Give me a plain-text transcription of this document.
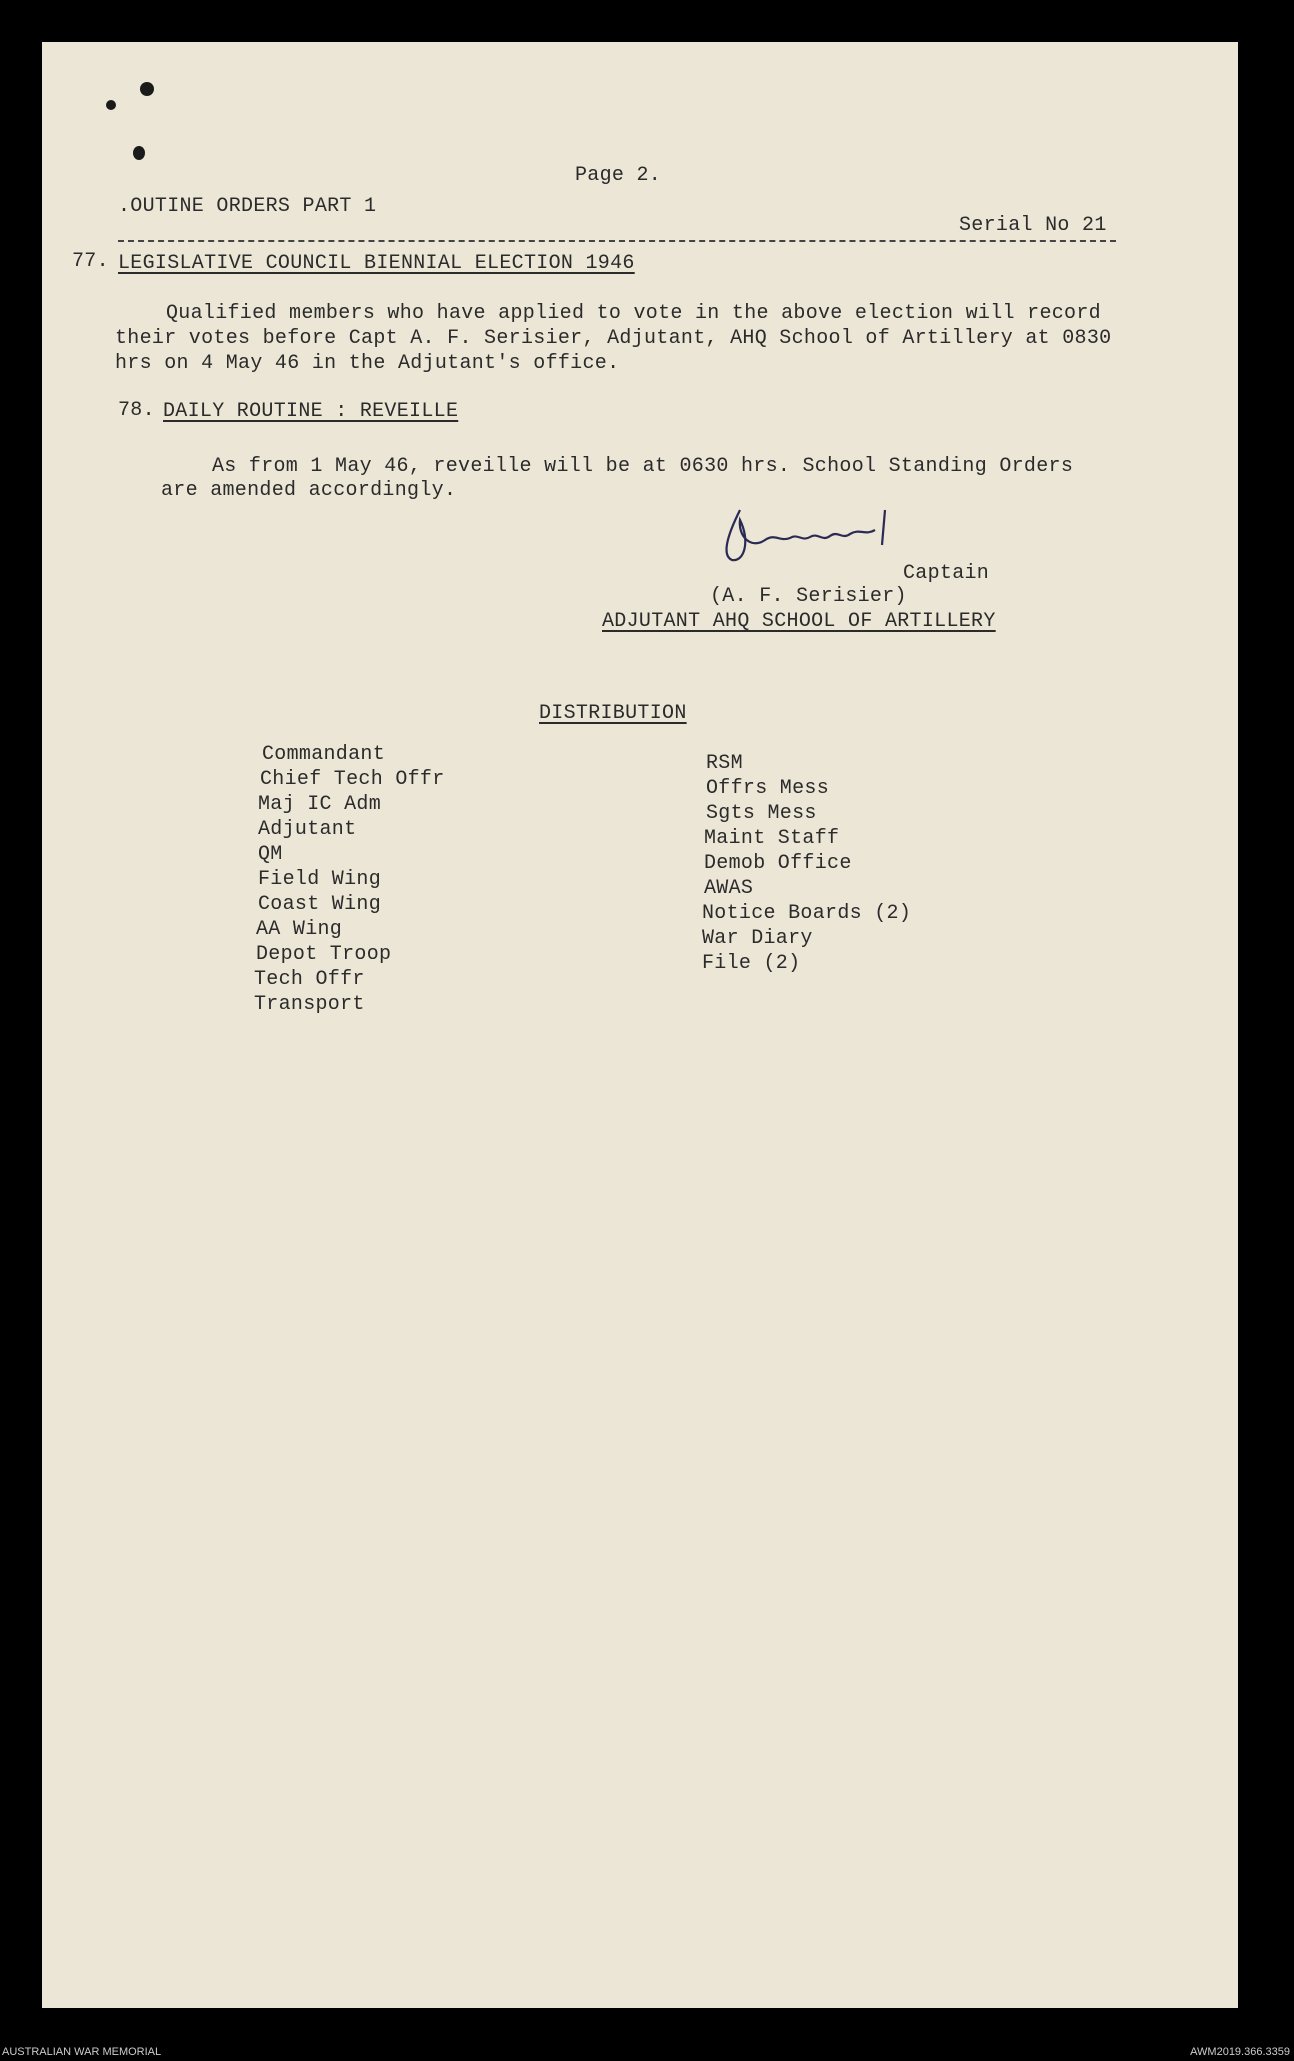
Page 2.
.OUTINE ORDERS PART 1
Serial No 21
77. LEGISLATIVE COUNCIL BIENNIAL ELECTION 1946
Qualified members who have applied to vote in the above election will record
their votes before Capt A. F. Serisier, Adjutant, AHQ School of Artillery at 0830
hrs on 4 May 46 in the Adjutant's office.
78. DAILY ROUTINE : REVEILLE
As from 1 May 46, reveille will be at 0630 hrs. School Standing Orders
are amended accordingly.
Captain
(A. F. Serisier)
ADJUTANT AHQ SCHOOL OF ARTILLERY
DISTRIBUTION
Commandant
Chief Tech Offr
Maj IC Adm
Adjutant
QM
Field Wing
Coast Wing
AA Wing
Depot Troop
Tech Offr
Transport
RSM
Offrs Mess
Sgts Mess
Maint Staff
Demob Office
AWAS
Notice Boards (2)
War Diary
File (2)
AUSTRALIAN WAR MEMORIAL	AWM2019.366.3359
